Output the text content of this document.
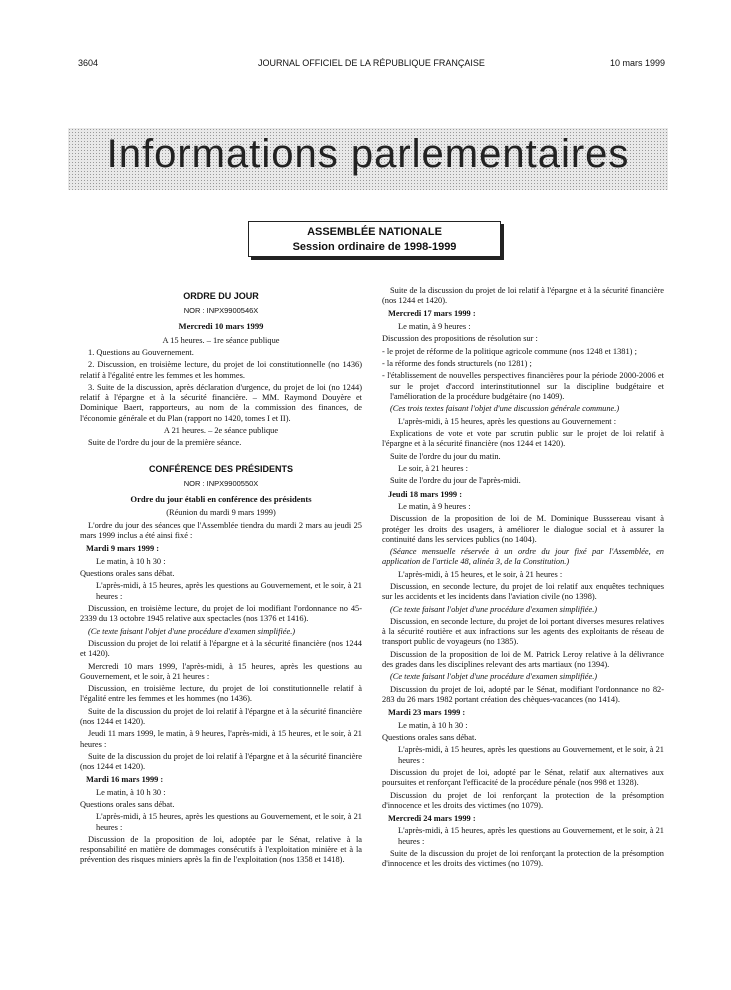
3604	JOURNAL OFFICIEL DE LA RÉPUBLIQUE FRANÇAISE	10 mars 1999
Informations parlementaires
ASSEMBLÉE NATIONALE
Session ordinaire de 1998-1999

ORDRE DU JOUR

NOR : INPX9900546X

Mercredi 10 mars 1999

A 15 heures. – 1re séance publique

1. Questions au Gouvernement.

2. Discussion, en troisième lecture, du projet de loi constitutionnelle (no 1436) relatif à l'égalité entre les femmes et les hommes.

3. Suite de la discussion, après déclaration d'urgence, du projet de loi (no 1244) relatif à l'épargne et à la sécurité financière. – MM. Raymond Douyère et Dominique Baert, rapporteurs, au nom de la commission des finances, de l'économie générale et du Plan (rapport no 1420, tomes I et II).

A 21 heures. – 2e séance publique

Suite de l'ordre du jour de la première séance.

CONFÉRENCE DES PRÉSIDENTS

NOR : INPX9900550X

Ordre du jour établi en conférence des présidents

(Réunion du mardi 9 mars 1999)

L'ordre du jour des séances que l'Assemblée tiendra du mardi 2 mars au jeudi 25 mars 1999 inclus a été ainsi fixé :

Mardi 9 mars 1999 :

Le matin, à 10 h 30 :

Questions orales sans débat.

L'après-midi, à 15 heures, après les questions au Gouvernement, et le soir, à 21 heures :

Discussion, en troisième lecture, du projet de loi modifiant l'ordonnance no 45-2339 du 13 octobre 1945 relative aux spectacles (nos 1376 et 1416).

(Ce texte faisant l'objet d'une procédure d'examen simplifiée.)

Discussion du projet de loi relatif à l'épargne et à la sécurité financière (nos 1244 et 1420).

Mercredi 10 mars 1999, l'après-midi, à 15 heures, après les questions au Gouvernement, et le soir, à 21 heures :

Discussion, en troisième lecture, du projet de loi constitutionnelle relatif à l'égalité entre les femmes et les hommes (no 1436).

Suite de la discussion du projet de loi relatif à l'épargne et à la sécurité financière (nos 1244 et 1420).

Jeudi 11 mars 1999, le matin, à 9 heures, l'après-midi, à 15 heures, et le soir, à 21 heures :

Suite de la discussion du projet de loi relatif à l'épargne et à la sécurité financière (nos 1244 et 1420).

Mardi 16 mars 1999 :

Le matin, à 10 h 30 :

Questions orales sans débat.

L'après-midi, à 15 heures, après les questions au Gouvernement, et le soir, à 21 heures :

Discussion de la proposition de loi, adoptée par le Sénat, relative à la responsabilité en matière de dommages consécutifs à l'exploitation minière et à la prévention des risques miniers après la fin de l'exploitation (nos 1358 et 1418).

Suite de la discussion du projet de loi relatif à l'épargne et à la sécurité financière (nos 1244 et 1420).

Mercredi 17 mars 1999 :

Le matin, à 9 heures :

Discussion des propositions de résolution sur :

- le projet de réforme de la politique agricole commune (nos 1248 et 1381) ;

- la réforme des fonds structurels (no 1281) ;

- l'établissement de nouvelles perspectives financières pour la période 2000-2006 et sur le projet d'accord interinstitutionnel sur la discipline budgétaire et l'amélioration de la procédure budgétaire (no 1409).

(Ces trois textes faisant l'objet d'une discussion générale commune.)

L'après-midi, à 15 heures, après les questions au Gouvernement :

Explications de vote et vote par scrutin public sur le projet de loi relatif à l'épargne et à la sécurité financière (nos 1244 et 1420).

Suite de l'ordre du jour du matin.

Le soir, à 21 heures :

Suite de l'ordre du jour de l'après-midi.

Jeudi 18 mars 1999 :

Le matin, à 9 heures :

Discussion de la proposition de loi de M. Dominique Busssereau visant à protéger les droits des usagers, à améliorer le dialogue social et à assurer la continuité dans les services publics (no 1404).

(Séance mensuelle réservée à un ordre du jour fixé par l'Assemblée, en application de l'article 48, alinéa 3, de la Constitution.)

L'après-midi, à 15 heures, et le soir, à 21 heures :

Discussion, en seconde lecture, du projet de loi relatif aux enquêtes techniques sur les accidents et les incidents dans l'aviation civile (no 1398).

(Ce texte faisant l'objet d'une procédure d'examen simplifiée.)

Discussion, en seconde lecture, du projet de loi portant diverses mesures relatives à la sécurité routière et aux infractions sur les agents des exploitants de réseau de transport public de voyageurs (no 1385).

Discussion de la proposition de loi de M. Patrick Leroy relative à la délivrance des grades dans les disciplines relevant des arts martiaux (no 1394).

(Ce texte faisant l'objet d'une procédure d'examen simplifiée.)

Discussion du projet de loi, adopté par le Sénat, modifiant l'ordonnance no 82-283 du 26 mars 1982 portant création des chèques-vacances (no 1414).

Mardi 23 mars 1999 :

Le matin, à 10 h 30 :

Questions orales sans débat.

L'après-midi, à 15 heures, après les questions au Gouvernement, et le soir, à 21 heures :

Discussion du projet de loi, adopté par le Sénat, relatif aux alternatives aux poursuites et renforçant l'efficacité de la procédure pénale (nos 998 et 1328).

Discussion du projet de loi renforçant la protection de la présomption d'innocence et les droits des victimes (no 1079).

Mercredi 24 mars 1999 :

L'après-midi, à 15 heures, après les questions au Gouvernement, et le soir, à 21 heures :

Suite de la discussion du projet de loi renforçant la protection de la présomption d'innocence et les droits des victimes (no 1079).
